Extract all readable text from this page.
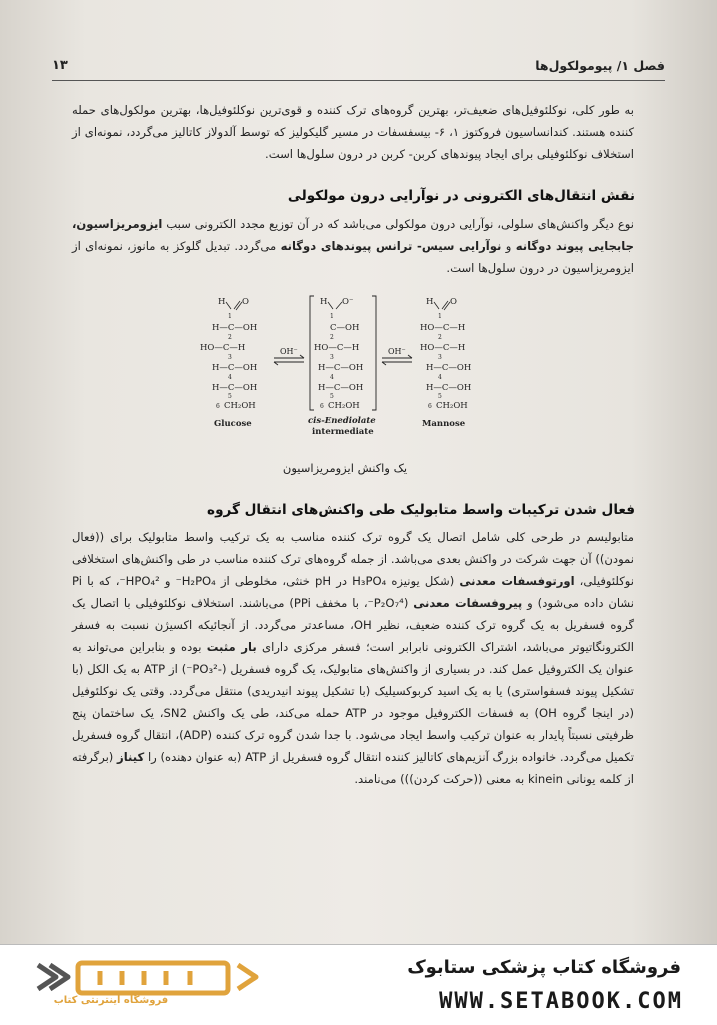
فصل ۱/ پیومولکول‌ها
۱۳
به طور کلی، نوکلئوفیل‌های ضعیف‌تر، بهترین گروه‌های ترک کننده و قوی‌ترین نوکلئوفیل‌ها، بهترین مولکول‌های حمله کننده هستند. کندانساسیون فروکتوز ۱، ۶- بیسفسفات در مسیر گلیکولیز که توسط آلدولاز کاتالیز می‌گردد، نمونه‌ای از استخلاف نوکلئوفیلی برای ایجاد پیوندهای کربن- کربن در درون سلول‌ها است.
نقش انتقال‌های الکترونی در نوآرایی درون مولکولی
نوع دیگر واکنش‌های سلولی، نوآرایی درون مولکولی می‌باشد که در آن توزیع مجدد الکترونی سبب ایزومریزاسیون، جابجایی پیوند دوگانه و نوآرایی سیس- ترانس پیوندهای دوگانه می‌گردد. تبدیل گلوکز به مانوز، نمونه‌ای از ایزومریزاسیون در درون سلول‌ها است.
H O
1
H—C—OH
2
HO—C—H
3
H—C—OH
4
H—C—OH
5
CH₂OH
6
Glucose
OH⁻
H O⁻
1
C—OH
2
HO—C—H
3
H—C—OH
4
H—C—OH
5
CH₂OH
6
cis-Enediolate
intermediate
OH⁻
H O
1
HO—C—H
2
HO—C—H
3
H—C—OH
4
H—C—OH
5
CH₂OH
6
Mannose
یک واکنش ایزومریزاسیون
فعال شدن ترکیبات واسط متابولیک طی واکنش‌های انتقال گروه
متابولیسم در طرحی کلی شامل اتصال یک گروه ترک کننده مناسب به یک ترکیب واسط متابولیک برای ((فعال نمودن)) آن جهت شرکت در واکنش بعدی می‌باشد. از جمله گروه‌های ترک کننده مناسب در طی واکنش‌های استخلافی نوکلئوفیلی، اورتوفسفات معدنی (شکل یونیزه H₃PO₄ در pH خنثی، مخلوطی از H₂PO₄⁻ و HPO₄²⁻، که با Pi نشان داده می‌شود) و پیروفسفات معدنی (P₂O₇⁴⁻، با مخفف PPi) می‌باشند. استخلاف نوکلئوفیلی با اتصال یک گروه فسفریل به یک گروه ترک کننده ضعیف، نظیر OH، مساعدتر می‌گردد. از آنجائیکه اکسیژن نسبت به فسفر الکترونگاتیوتر می‌باشد، اشتراک الکترونی نابرابر است؛ فسفر مرکزی دارای بار مثبت بوده و بنابراین می‌تواند به عنوان یک الکتروفیل عمل کند. در بسیاری از واکنش‌های متابولیک، یک گروه فسفریل (-PO₃²⁻) از ATP به یک الکل (با تشکیل پیوند فسفواستری) یا به یک اسید کربوکسیلیک (با تشکیل پیوند انیدریدی) منتقل می‌گردد. وقتی یک نوکلئوفیل (در اینجا گروه OH) به فسفات الکتروفیل موجود در ATP حمله می‌کند، طی یک واکنش SN2، یک ساختمان پنج ظرفیتی نسبتاً پایدار به عنوان ترکیب واسط ایجاد می‌شود. با جدا شدن گروه ترک کننده (ADP)، انتقال گروه فسفریل تکمیل می‌گردد. خانواده بزرگ آنزیم‌های کاتالیز کننده انتقال گروه فسفریل از ATP (به عنوان دهنده) را کیناز (برگرفته از کلمه یونانی kinein به معنی ((حرکت کردن))) می‌نامند.
فروشگاه اینترنتی کتاب
فروشگاه کتاب پزشکی ستابوک
WWW.SETABOOK.COM
